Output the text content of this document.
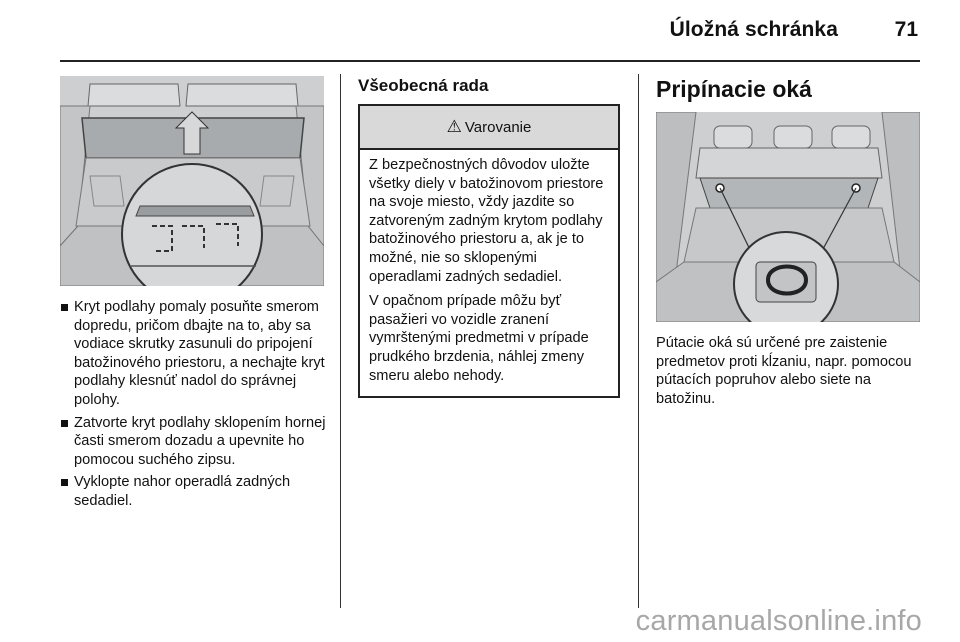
Úložná schránka	71
Kryt podlahy pomaly posuňte smerom dopredu, pričom dbajte na to, aby sa vodiace skrutky zasunuli do pripojení batožinového priestoru, a nechajte kryt podlahy klesnúť nadol do správnej polohy.
Zatvorte kryt podlahy sklopením hornej časti smerom dozadu a upevnite ho pomocou suchého zipsu.
Vyklopte nahor operadlá zadných sedadiel.
Všeobecná rada
⚠ Varovanie

Z bezpečnostných dôvodov uložte všetky diely v batožinovom priestore na svoje miesto, vždy jazdite so zatvoreným zadným krytom podlahy batožinového priestoru a, ak je to možné, nie so sklopenými operadlami zadných sedadiel.

V opačnom prípade môžu byť pasažieri vo vozidle zranení vymrštenými predmetmi v prípade prudkého brzdenia, náhlej zmeny smeru alebo nehody.

Pripínacie oká

Pútacie oká sú určené pre zaistenie predmetov proti kĺzaniu, napr. pomocou pútacích popruhov alebo siete na batožinu.

carmanualsonline.info
